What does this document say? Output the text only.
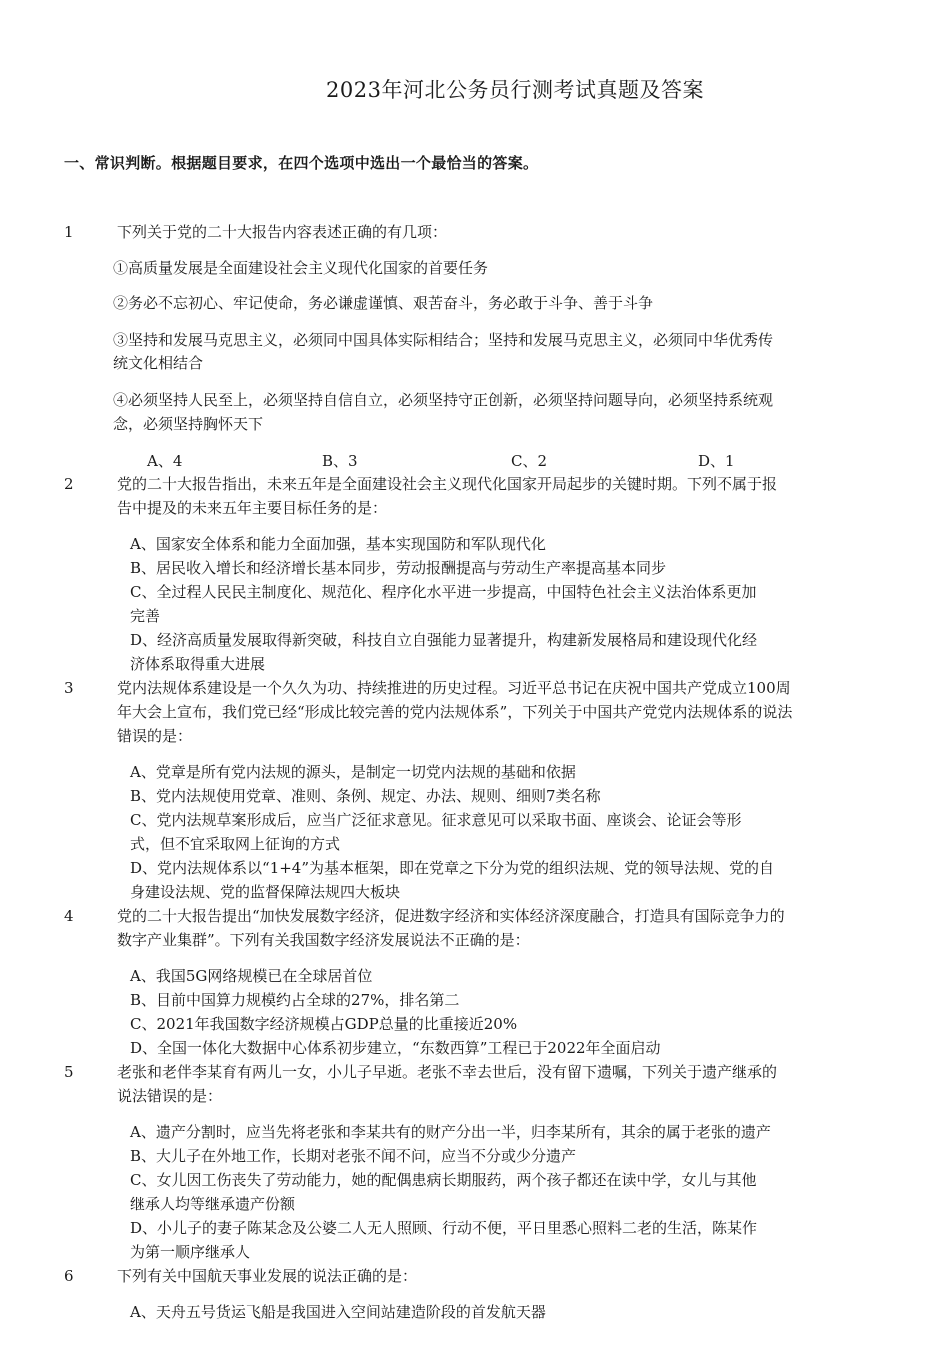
2023年河北公务员行测考试真题及答案
一、常识判断。根据题目要求，在四个选项中选出一个最恰当的答案。
1	下列关于党的二十大报告内容表述正确的有几项：
①高质量发展是全面建设社会主义现代化国家的首要任务
②务必不忘初心、牢记使命，务必谦虚谨慎、艰苦奋斗，务必敢于斗争、善于斗争
③坚持和发展马克思主义，必须同中国具体实际相结合；坚持和发展马克思主义，必须同中华优秀传
统文化相结合
④必须坚持人民至上，必须坚持自信自立，必须坚持守正创新，必须坚持问题导向，必须坚持系统观
念，必须坚持胸怀天下
A、4	B、3	C、2	D、1
2	党的二十大报告指出，未来五年是全面建设社会主义现代化国家开局起步的关键时期。下列不属于报
告中提及的未来五年主要目标任务的是：
A、国家安全体系和能力全面加强，基本实现国防和军队现代化
B、居民收入增长和经济增长基本同步，劳动报酬提高与劳动生产率提高基本同步
C、全过程人民民主制度化、规范化、程序化水平进一步提高，中国特色社会主义法治体系更加
完善
D、经济高质量发展取得新突破，科技自立自强能力显著提升，构建新发展格局和建设现代化经
济体系取得重大进展
3	党内法规体系建设是一个久久为功、持续推进的历史过程。习近平总书记在庆祝中国共产党成立100周
年大会上宣布，我们党已经“形成比较完善的党内法规体系”，下列关于中国共产党党内法规体系的说法
错误的是：
A、党章是所有党内法规的源头，是制定一切党内法规的基础和依据
B、党内法规使用党章、准则、条例、规定、办法、规则、细则7类名称
C、党内法规草案形成后，应当广泛征求意见。征求意见可以采取书面、座谈会、论证会等形
式，但不宜采取网上征询的方式
D、党内法规体系以“1+4”为基本框架，即在党章之下分为党的组织法规、党的领导法规、党的自
身建设法规、党的监督保障法规四大板块
4	党的二十大报告提出“加快发展数字经济，促进数字经济和实体经济深度融合，打造具有国际竞争力的
数字产业集群”。下列有关我国数字经济发展说法不正确的是：
A、我国5G网络规模已在全球居首位
B、目前中国算力规模约占全球的27%，排名第二
C、2021年我国数字经济规模占GDP总量的比重接近20%
D、全国一体化大数据中心体系初步建立，“东数西算”工程已于2022年全面启动
5	老张和老伴李某育有两儿一女，小儿子早逝。老张不幸去世后，没有留下遗嘱，下列关于遗产继承的
说法错误的是：
A、遗产分割时，应当先将老张和李某共有的财产分出一半，归李某所有，其余的属于老张的遗产
B、大儿子在外地工作，长期对老张不闻不问，应当不分或少分遗产
C、女儿因工伤丧失了劳动能力，她的配偶患病长期服药，两个孩子都还在读中学，女儿与其他
继承人均等继承遗产份额
D、小儿子的妻子陈某念及公婆二人无人照顾、行动不便，平日里悉心照料二老的生活，陈某作
为第一顺序继承人
6	下列有关中国航天事业发展的说法正确的是：
A、天舟五号货运飞船是我国进入空间站建造阶段的首发航天器
